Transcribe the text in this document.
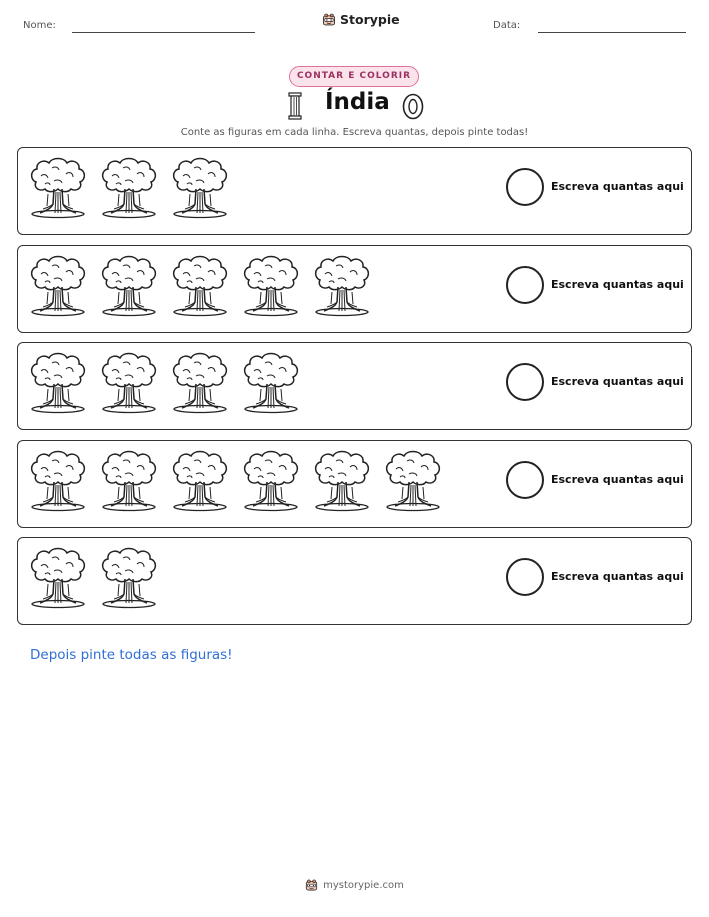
Nome:	Storypie	Data:
CONTAR E COLORIR
Índia
Conte as figuras em cada linha. Escreva quantas, depois pinte todas!
Escreva quantas aqui
Escreva quantas aqui
Escreva quantas aqui
Escreva quantas aqui
Escreva quantas aqui
Depois pinte todas as figuras!
mystorypie.com
